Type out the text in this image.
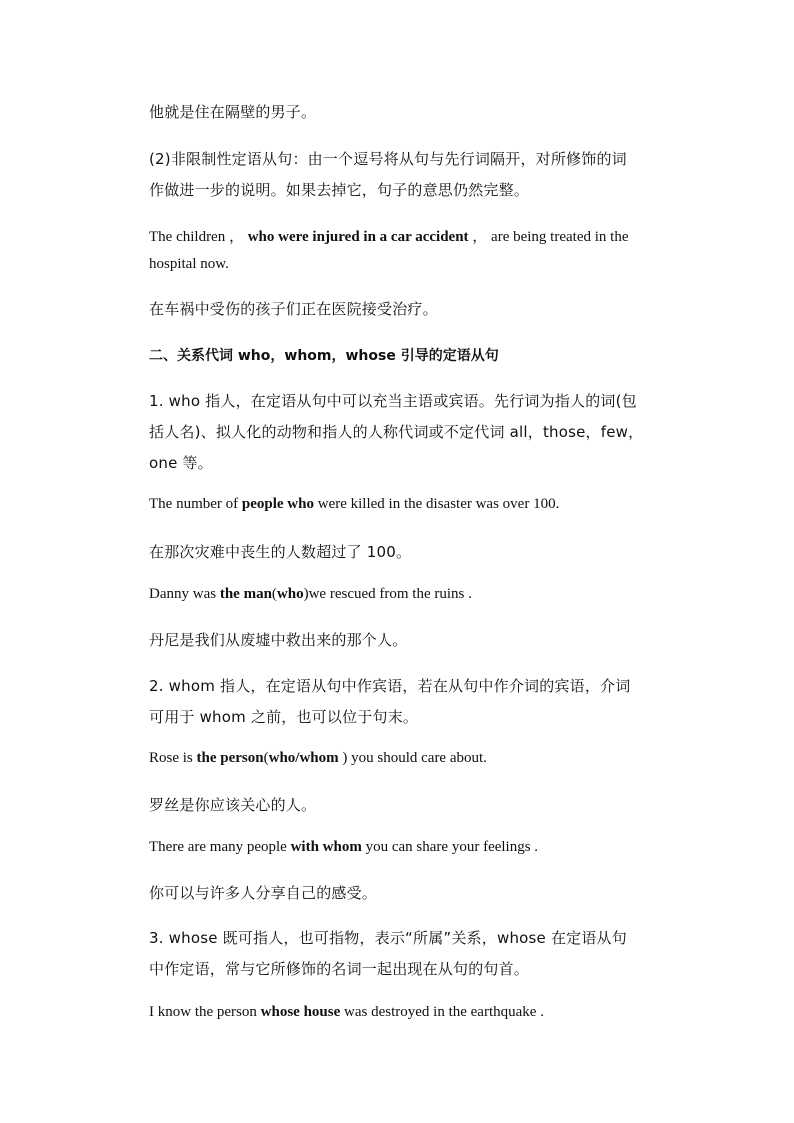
他就是住在隔壁的男子。
(2)非限制性定语从句：由一个逗号将从句与先行词隔开，对所修饰的词
作做进一步的说明。如果去掉它，句子的意思仍然完整。
The children ， who were injured in a car accident ， are being treated in the
hospital now.
在车祸中受伤的孩子们正在医院接受治疗。
二、关系代词 who，whom，whose 引导的定语从句
1. who 指人，在定语从句中可以充当主语或宾语。先行词为指人的词(包
括人名)、拟人化的动物和指人的人称代词或不定代词 all，those，few，
one 等。
The number of people who were killed in the disaster was over 100.
在那次灾难中丧生的人数超过了 100。
Danny was the man(who)we rescued from the ruins .
丹尼是我们从废墟中救出来的那个人。
2. whom 指人，在定语从句中作宾语，若在从句中作介词的宾语，介词
可用于 whom 之前，也可以位于句末。
Rose is the person(who/whom ) you should care about.
罗丝是你应该关心的人。
There are many people with whom you can share your feelings .
你可以与许多人分享自己的感受。
3. whose 既可指人，也可指物，表示“所属”关系，whose 在定语从句
中作定语，常与它所修饰的名词一起出现在从句的句首。
I know the person whose house was destroyed in the earthquake .
